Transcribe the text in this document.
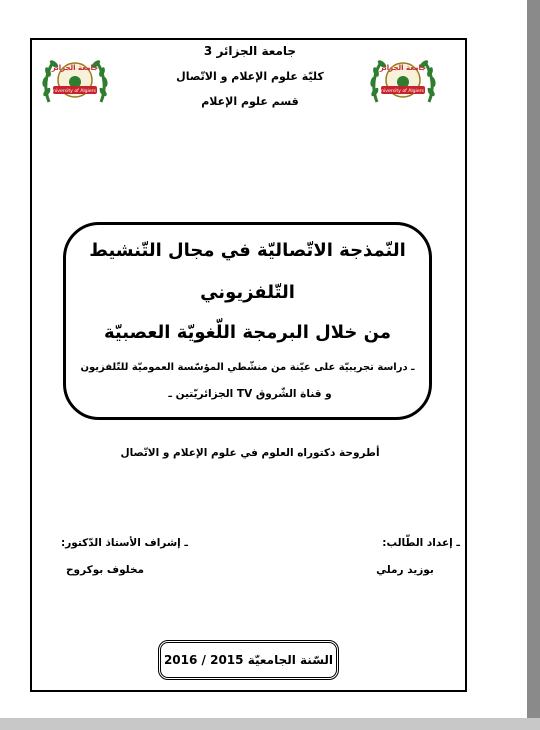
جامعة الجزائر 3
كليّة علوم الإعلام و الاتّصال
قسم علوم الإعلام
جامعة الجزائر
University of Algiers 3
جامعة الجزائر
University of Algiers 3
النّمذجة الاتّصاليّة في مجال التّنشيط
التّلفزيوني
من خلال البرمجة اللّغويّة العصبيّة
ـ دراسة تجريبيّة على عيّنة من منشّطي المؤسّسة العموميّة للتّلفزيون
و قناة الشّروق TV الجزائريّتين ـ
أطروحة دكتوراه العلوم في علوم الإعلام و الاتّصال
ـ إعداد الطّالب:
بوزيد رملي
ـ إشراف الأستاذ الدّكتور:
مخلوف بوكروح
السّنة الجامعيّة 2015 / 2016
